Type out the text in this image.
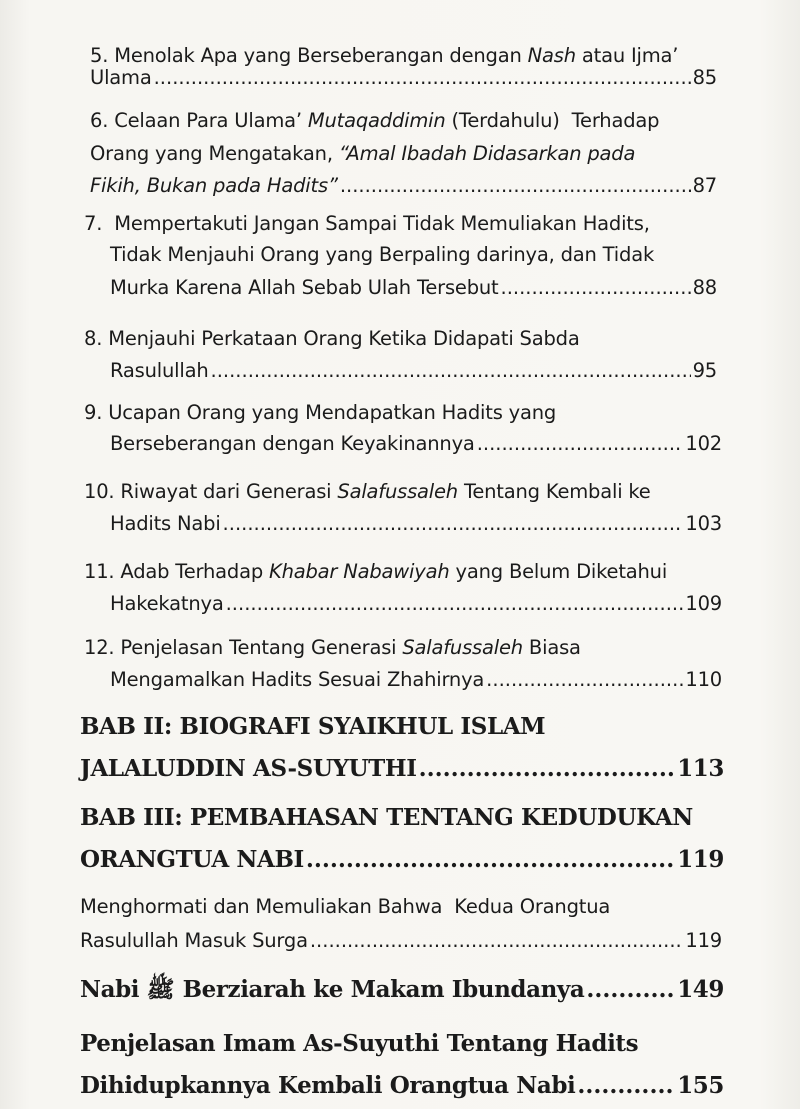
5. Menolak Apa yang Berseberangan dengan Nash atau Ijma’
Ulama .....	85
6. Celaan Para Ulama’ Mutaqaddimin (Terdahulu)  Terhadap
Orang yang Mengatakan, “Amal Ibadah Didasarkan pada
Fikih, Bukan pada Hadits” .....	87
7.  Mempertakuti Jangan Sampai Tidak Memuliakan Hadits,
Tidak Menjauhi Orang yang Berpaling darinya, dan Tidak
Murka Karena Allah Sebab Ulah Tersebut .....	88
8. Menjauhi Perkataan Orang Ketika Didapati Sabda
Rasulullah .....	95
9. Ucapan Orang yang Mendapatkan Hadits yang
Berseberangan dengan Keyakinannya .....	102
10. Riwayat dari Generasi Salafussaleh Tentang Kembali ke
Hadits Nabi .....	103
11. Adab Terhadap Khabar Nabawiyah yang Belum Diketahui
Hakekatnya .....	109
12. Penjelasan Tentang Generasi Salafussaleh Biasa
Mengamalkan Hadits Sesuai Zhahirnya .....	110
BAB II: BIOGRAFI SYAIKHUL ISLAM
JALALUDDIN AS-SUYUTHI .....	113
BAB III: PEMBAHASAN TENTANG KEDUDUKAN
ORANGTUA NABI .....	119
Menghormati dan Memuliakan Bahwa  Kedua Orangtua
Rasulullah Masuk Surga .....	119
Nabi ﷺ Berziarah ke Makam Ibundanya .....	149
Penjelasan Imam As-Suyuthi Tentang Hadits
Dihidupkannya Kembali Orangtua Nabi .....	155
